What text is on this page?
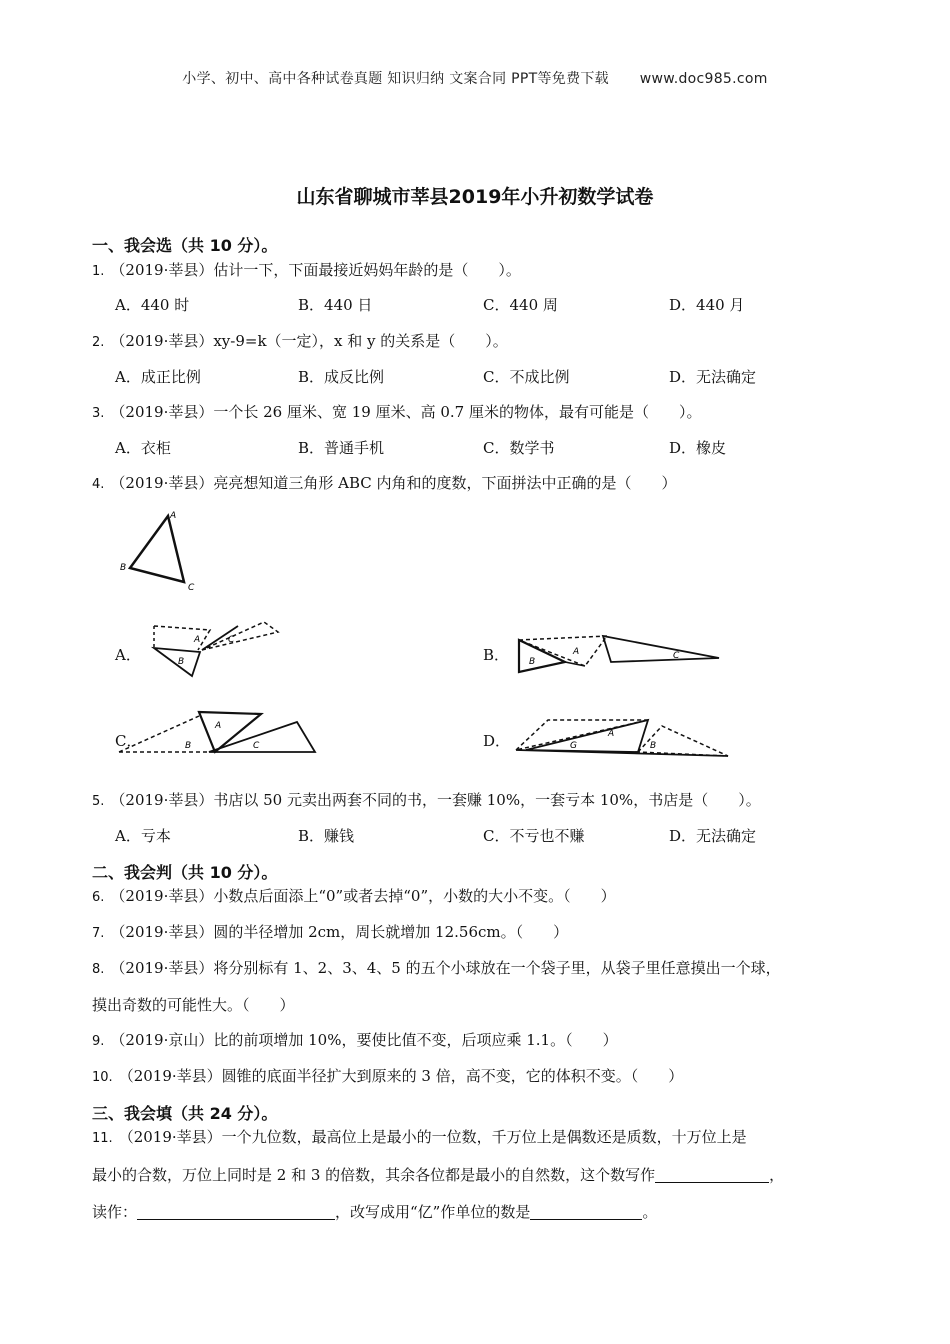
小学、初中、高中各种试卷真题 知识归纳 文案合同 PPT等免费下载 www.doc985.com
山东省聊城市莘县2019年小升初数学试卷
一、我会选（共 10 分）。
1. （2019·莘县）估计一下，下面最接近妈妈年龄的是（　　）。
A．440 时	B．440 日	C．440 周	D．440 月
2. （2019·莘县）xy-9=k（一定），x 和 y 的关系是（　　）。
A．成正比例	B．成反比例	C．不成比例	D．无法确定
3. （2019·莘县）一个长 26 厘米、宽 19 厘米、高 0.7 厘米的物体，最有可能是（　　）。
A．衣柜	B．普通手机	C．数学书	D．橡皮
4. （2019·莘县）亮亮想知道三角形 ABC 内角和的度数，下面拼法中正确的是（　　）
A
B
C
A．	B．
C．	D．
A	C
B	B
A	C
A
B	C	G
A
B
5. （2019·莘县）书店以 50 元卖出两套不同的书，一套赚 10%，一套亏本 10%，书店是（　　）。
A．亏本	B．赚钱	C．不亏也不赚	D．无法确定
二、我会判（共 10 分）。
6. （2019·莘县）小数点后面添上“0”或者去掉“0”，小数的大小不变。（　　）
7. （2019·莘县）圆的半径增加 2cm，周长就增加 12.56cm。（　　）
8. （2019·莘县）将分别标有 1、2、3、4、5 的五个小球放在一个袋子里，从袋子里任意摸出一个球，
摸出奇数的可能性大。（　　）
9. （2019·京山）比的前项增加 10%，要使比值不变，后项应乘 1.1。（　　）
10. （2019·莘县）圆锥的底面半径扩大到原来的 3 倍，高不变，它的体积不变。（　　）
三、我会填（共 24 分）。
11. （2019·莘县）一个九位数，最高位上是最小的一位数，千万位上是偶数还是质数，十万位上是
最小的合数，万位上同时是 2 和 3 的倍数，其余各位都是最小的自然数，这个数写作	，
读作：	，改写成用“亿”作单位的数是	。
